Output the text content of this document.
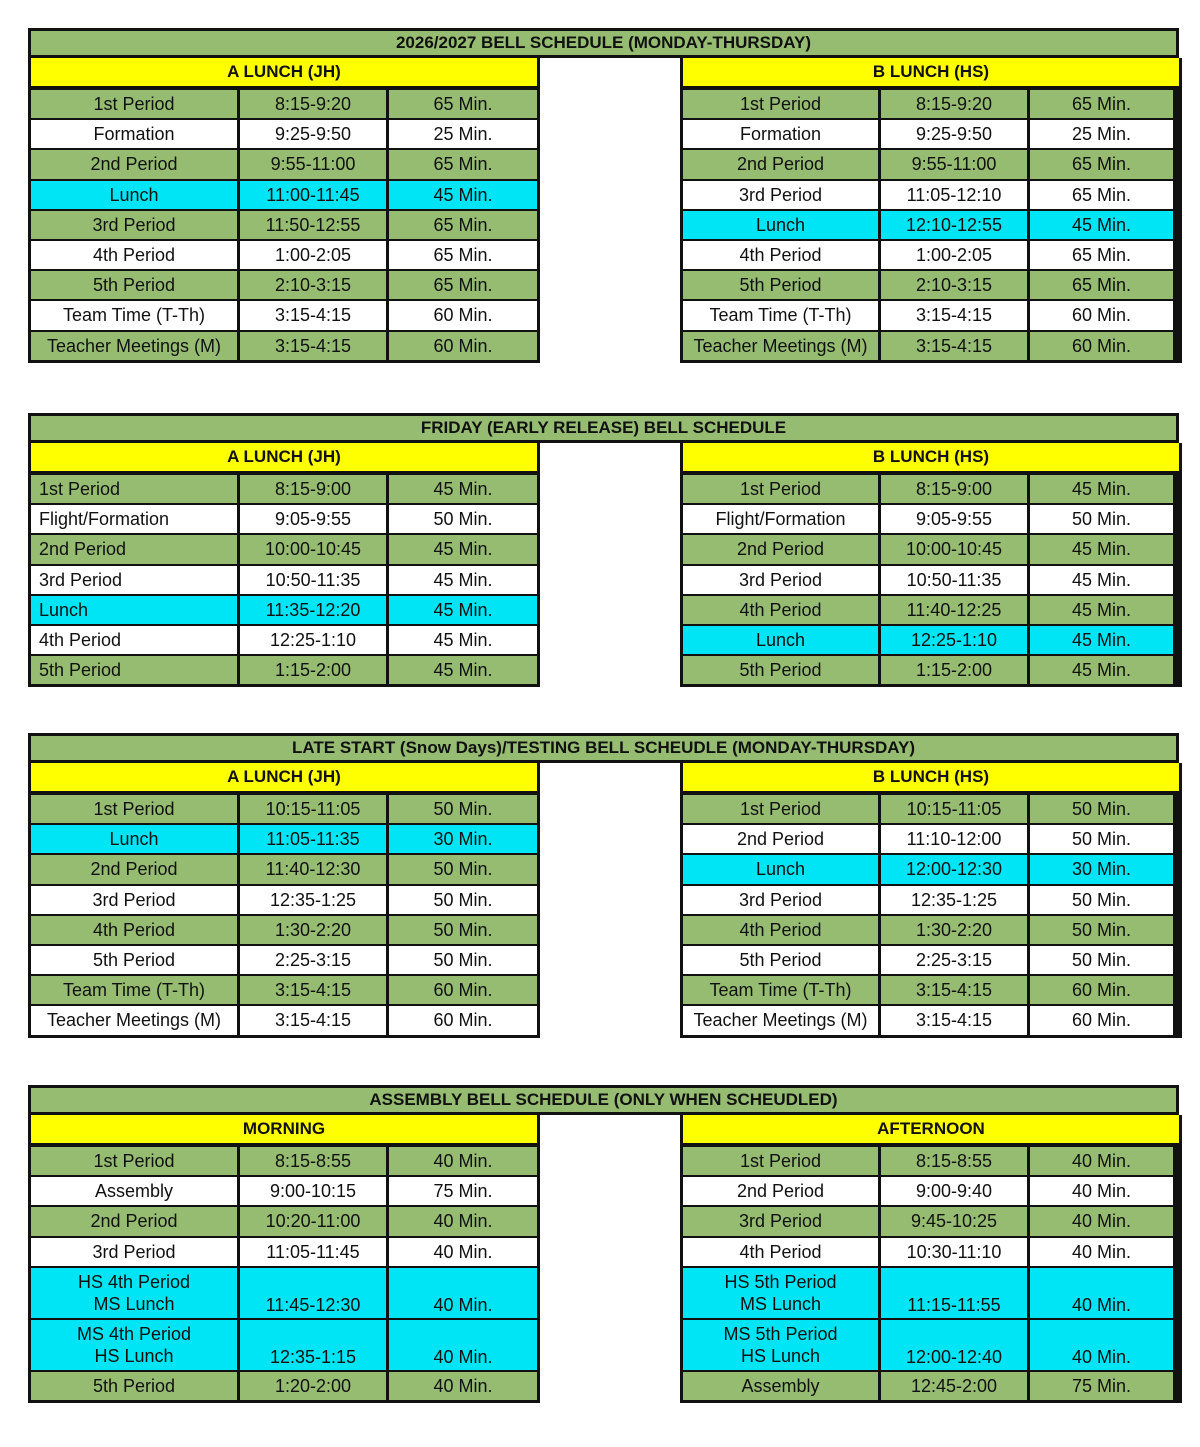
2026/2027 BELL SCHEDULE (MONDAY-THURSDAY)
A LUNCH (JH)
1st Period	8:15-9:20	65 Min.
Formation	9:25-9:50	25 Min.
2nd Period	9:55-11:00	65 Min.
Lunch	11:00-11:45	45 Min.
3rd Period	11:50-12:55	65 Min.
4th Period	1:00-2:05	65 Min.
5th Period	2:10-3:15	65 Min.
Team Time (T-Th)	3:15-4:15	60 Min.
Teacher Meetings (M)	3:15-4:15	60 Min.
B LUNCH (HS)
1st Period	8:15-9:20	65 Min.
Formation	9:25-9:50	25 Min.
2nd Period	9:55-11:00	65 Min.
3rd Period	11:05-12:10	65 Min.
Lunch	12:10-12:55	45 Min.
4th Period	1:00-2:05	65 Min.
5th Period	2:10-3:15	65 Min.
Team Time (T-Th)	3:15-4:15	60 Min.
Teacher Meetings (M)	3:15-4:15	60 Min.
FRIDAY (EARLY RELEASE) BELL SCHEDULE
A LUNCH (JH)
1st Period	8:15-9:00	45 Min.
Flight/Formation	9:05-9:55	50 Min.
2nd Period	10:00-10:45	45 Min.
3rd Period	10:50-11:35	45 Min.
Lunch	11:35-12:20	45 Min.
4th Period	12:25-1:10	45 Min.
5th Period	1:15-2:00	45 Min.
B LUNCH (HS)
1st Period	8:15-9:00	45 Min.
Flight/Formation	9:05-9:55	50 Min.
2nd Period	10:00-10:45	45 Min.
3rd Period	10:50-11:35	45 Min.
4th Period	11:40-12:25	45 Min.
Lunch	12:25-1:10	45 Min.
5th Period	1:15-2:00	45 Min.
LATE START (Snow Days)/TESTING BELL SCHEUDLE (MONDAY-THURSDAY)
A LUNCH (JH)
1st Period	10:15-11:05	50 Min.
Lunch	11:05-11:35	30 Min.
2nd Period	11:40-12:30	50 Min.
3rd Period	12:35-1:25	50 Min.
4th Period	1:30-2:20	50 Min.
5th Period	2:25-3:15	50 Min.
Team Time (T-Th)	3:15-4:15	60 Min.
Teacher Meetings (M)	3:15-4:15	60 Min.
B LUNCH (HS)
1st Period	10:15-11:05	50 Min.
2nd Period	11:10-12:00	50 Min.
Lunch	12:00-12:30	30 Min.
3rd Period	12:35-1:25	50 Min.
4th Period	1:30-2:20	50 Min.
5th Period	2:25-3:15	50 Min.
Team Time (T-Th)	3:15-4:15	60 Min.
Teacher Meetings (M)	3:15-4:15	60 Min.
ASSEMBLY BELL SCHEDULE (ONLY WHEN SCHEUDLED)
MORNING
1st Period	8:15-8:55	40 Min.
Assembly	9:00-10:15	75 Min.
2nd Period	10:20-11:00	40 Min.
3rd Period	11:05-11:45	40 Min.
HS 4th Period
MS Lunch	11:45-12:30	40 Min.
MS 4th Period
HS Lunch	12:35-1:15	40 Min.
5th Period	1:20-2:00	40 Min.
AFTERNOON
1st Period	8:15-8:55	40 Min.
2nd Period	9:00-9:40	40 Min.
3rd Period	9:45-10:25	40 Min.
4th Period	10:30-11:10	40 Min.
HS 5th Period
MS Lunch	11:15-11:55	40 Min.
MS 5th Period
HS Lunch	12:00-12:40	40 Min.
Assembly	12:45-2:00	75 Min.
